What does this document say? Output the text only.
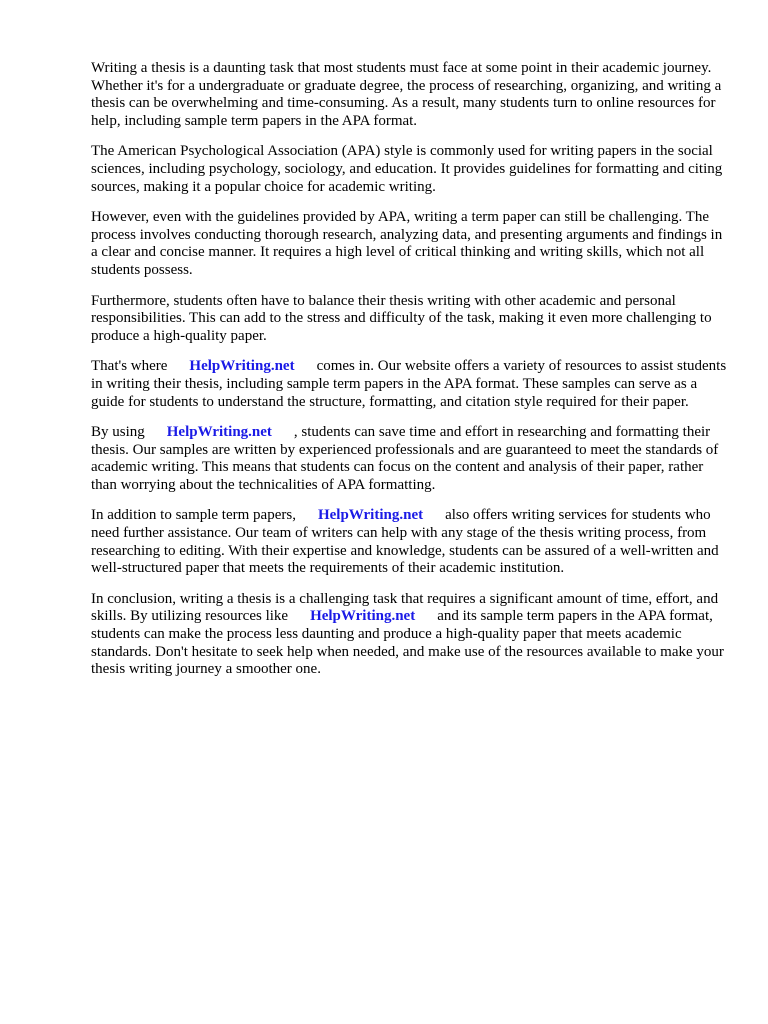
Writing a thesis is a daunting task that most students must face at some point in their academic journey. Whether it's for a undergraduate or graduate degree, the process of researching, organizing, and writing a thesis can be overwhelming and time-consuming. As a result, many students turn to online resources for help, including sample term papers in the APA format.

The American Psychological Association (APA) style is commonly used for writing papers in the social sciences, including psychology, sociology, and education. It provides guidelines for formatting and citing sources, making it a popular choice for academic writing.

However, even with the guidelines provided by APA, writing a term paper can still be challenging. The process involves conducting thorough research, analyzing data, and presenting arguments and findings in a clear and concise manner. It requires a high level of critical thinking and writing skills, which not all students possess.

Furthermore, students often have to balance their thesis writing with other academic and personal responsibilities. This can add to the stress and difficulty of the task, making it even more challenging to produce a high-quality paper.

That's where HelpWriting.net comes in. Our website offers a variety of resources to assist students in writing their thesis, including sample term papers in the APA format. These samples can serve as a guide for students to understand the structure, formatting, and citation style required for their paper.

By using HelpWriting.net , students can save time and effort in researching and formatting their thesis. Our samples are written by experienced professionals and are guaranteed to meet the standards of academic writing. This means that students can focus on the content and analysis of their paper, rather than worrying about the technicalities of APA formatting.

In addition to sample term papers, HelpWriting.net also offers writing services for students who need further assistance. Our team of writers can help with any stage of the thesis writing process, from researching to editing. With their expertise and knowledge, students can be assured of a well-written and well-structured paper that meets the requirements of their academic institution.

In conclusion, writing a thesis is a challenging task that requires a significant amount of time, effort, and skills. By utilizing resources like HelpWriting.net and its sample term papers in the APA format, students can make the process less daunting and produce a high-quality paper that meets academic standards. Don't hesitate to seek help when needed, and make use of the resources available to make your thesis writing journey a smoother one.
